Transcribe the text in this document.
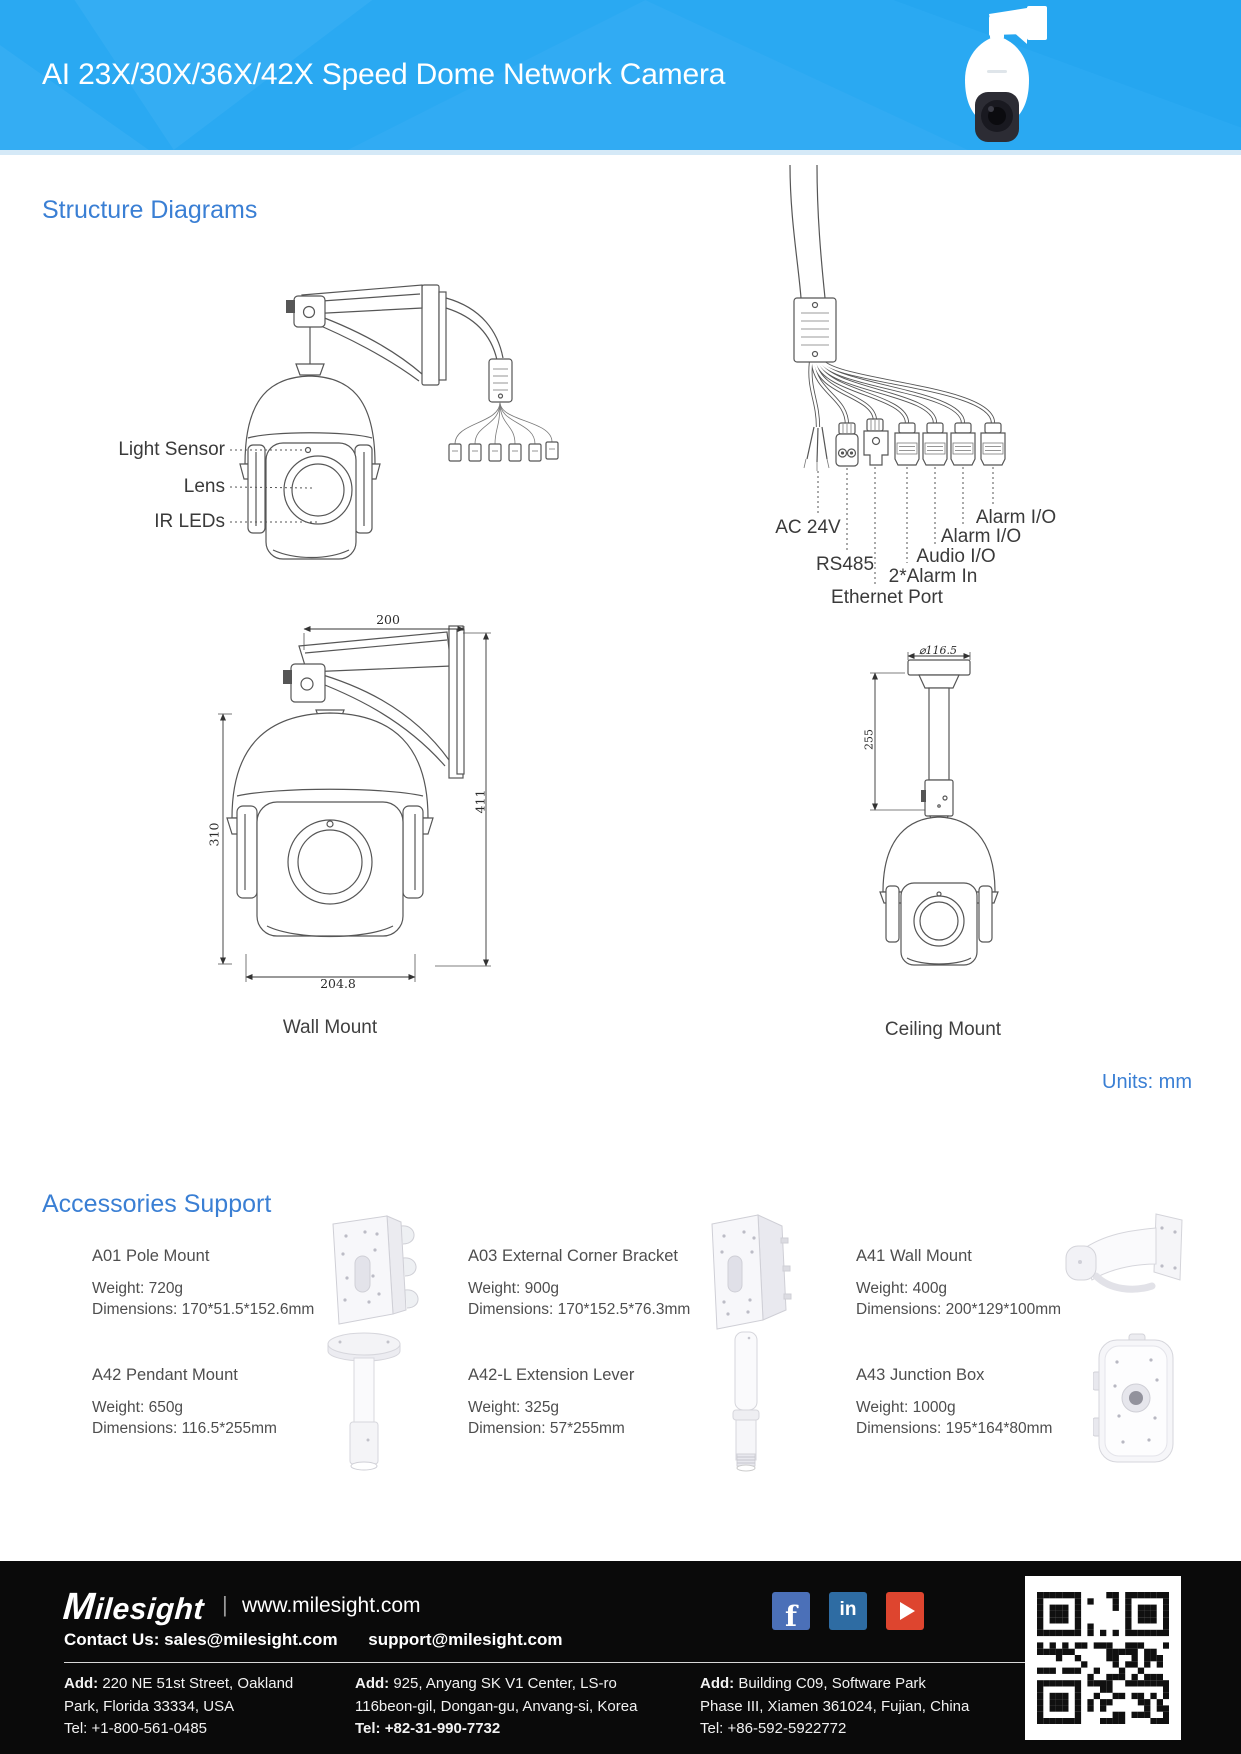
AI 23X/30X/36X/42X Speed Dome Network Camera
Structure Diagrams
Light Sensor
Lens
IR LEDs	AC 24V
RS485
Ethernet Port
2*Alarm In
Audio I/O
Alarm I/O
Alarm I/O
200
411
310
204.8
⌀116.5
255
Wall Mount	Ceiling Mount
Units: mm
Accessories Support

A01 Pole Mount

Weight: 720g

Dimensions: 170*51.5*152.6mm

A03 External Corner Bracket

Weight: 900g

Dimensions: 170*152.5*76.3mm

A41 Wall Mount

Weight: 400g

Dimensions: 200*129*100mm

A42 Pendant Mount

Weight: 650g

Dimensions: 116.5*255mm

A42-L Extension Lever

Weight: 325g

Dimension: 57*255mm

A43 Junction Box

Weight: 1000g

Dimensions: 195*164*80mm

Milesight | www.milesight.com
Contact Us: sales@milesight.com support@milesight.com
Add: 220 NE 51st Street, Oakland
Park, Florida 33334, USA
Tel: +1-800-561-0485
Add: 925, Anyang SK V1 Center, LS-ro
116beon-gil, Dongan-gu, Anvang-si, Korea
Tel: +82-31-990-7732
Add: Building C09, Software Park
Phase III, Xiamen 361024, Fujian, China
Tel: +86-592-5922772
f	in
